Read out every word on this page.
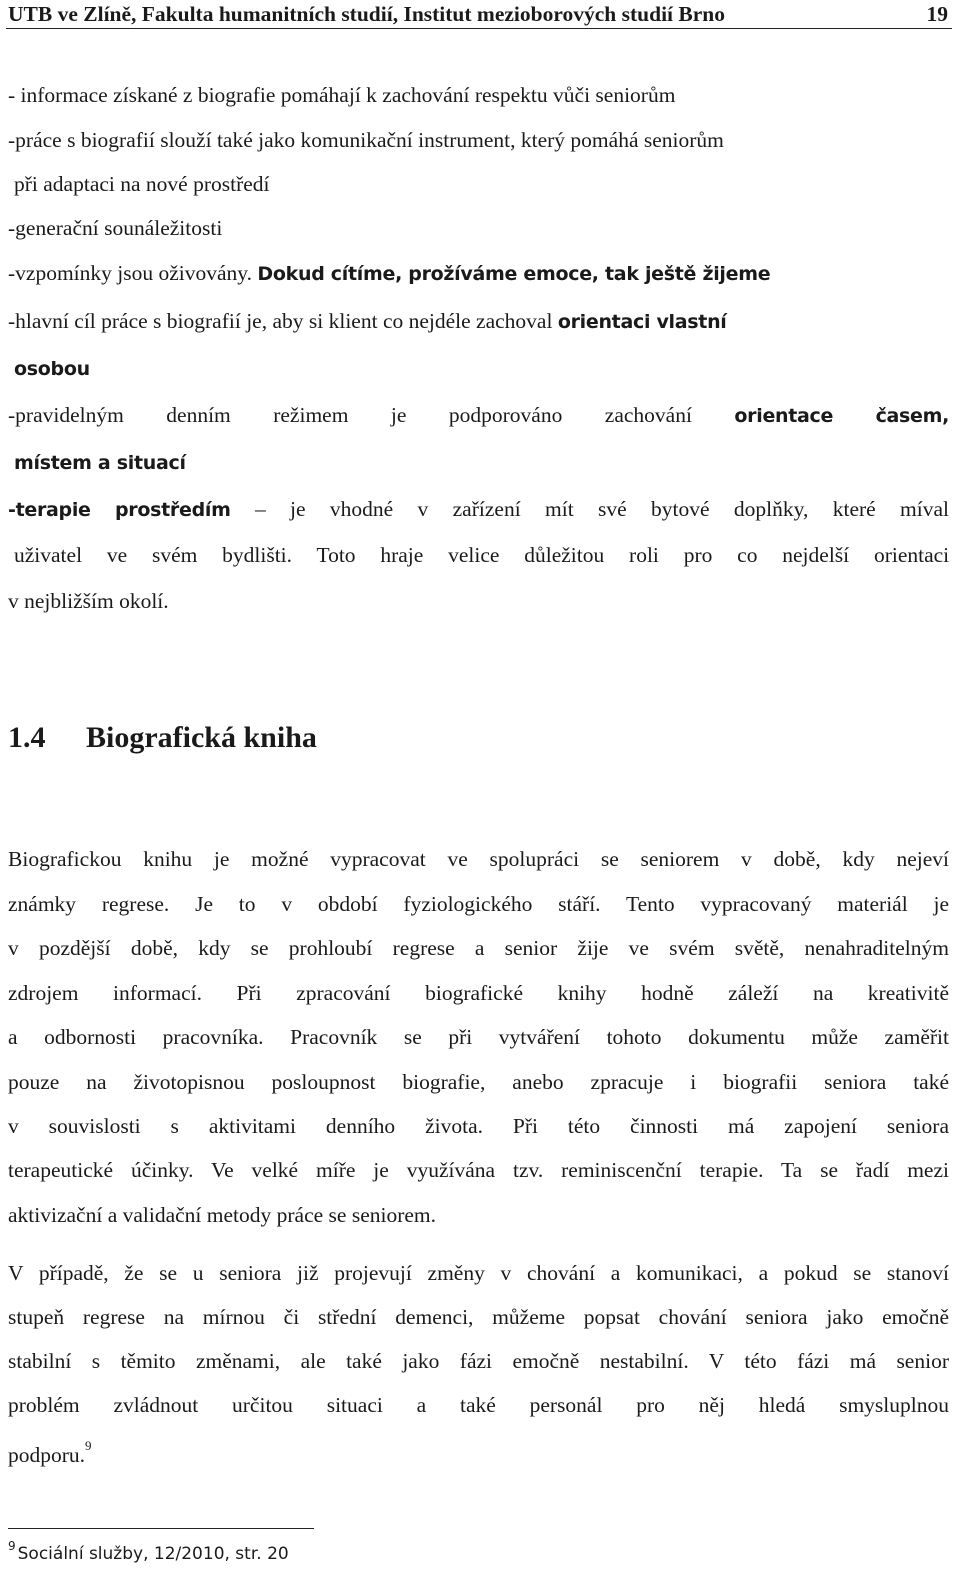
UTB ve Zlíně, Fakulta humanitních studií, Institut mezioborových studií Brno	19
- informace získané z biografie pomáhají k zachování respektu vůči seniorům
-práce s biografií slouží také jako komunikační instrument, který pomáhá seniorům
při adaptaci na nové prostředí
-generační sounáležitosti
-vzpomínky jsou oživovány. Dokud cítíme, prožíváme emoce, tak ještě žijeme
-hlavní cíl práce s biografií je, aby si klient co nejdéle zachoval orientaci vlastní
osobou
-pravidelným denním režimem je podporováno zachování orientace časem,
místem a situací
-terapie prostředím – je vhodné v zařízení mít své bytové doplňky, které míval
uživatel ve svém bydlišti. Toto hraje velice důležitou roli pro co nejdelší orientaci
v nejbližším okolí.
1.4 Biografická kniha
Biografickou knihu je možné vypracovat ve spolupráci se seniorem v době, kdy nejeví
známky regrese. Je to v období fyziologického stáří. Tento vypracovaný materiál je
v pozdější době, kdy se prohloubí regrese a senior žije ve svém světě, nenahraditelným
zdrojem informací. Při zpracování biografické knihy hodně záleží na kreativitě
a odbornosti pracovníka. Pracovník se při vytváření tohoto dokumentu může zaměřit
pouze na životopisnou posloupnost biografie, anebo zpracuje i biografii seniora také
v souvislosti s aktivitami denního života. Při této činnosti má zapojení seniora
terapeutické účinky. Ve velké míře je využívána tzv. reminiscenční terapie. Ta se řadí mezi
aktivizační a validační metody práce se seniorem.
V případě, že se u seniora již projevují změny v chování a komunikaci, a pokud se stanoví
stupeň regrese na mírnou či střední demenci, můžeme popsat chování seniora jako emočně
stabilní s těmito změnami, ale také jako fázi emočně nestabilní. V této fázi má senior
problém zvládnout určitou situaci a také personál pro něj hledá smysluplnou
podporu.$^9$
$^9$ Sociální služby, 12/2010, str. 20
